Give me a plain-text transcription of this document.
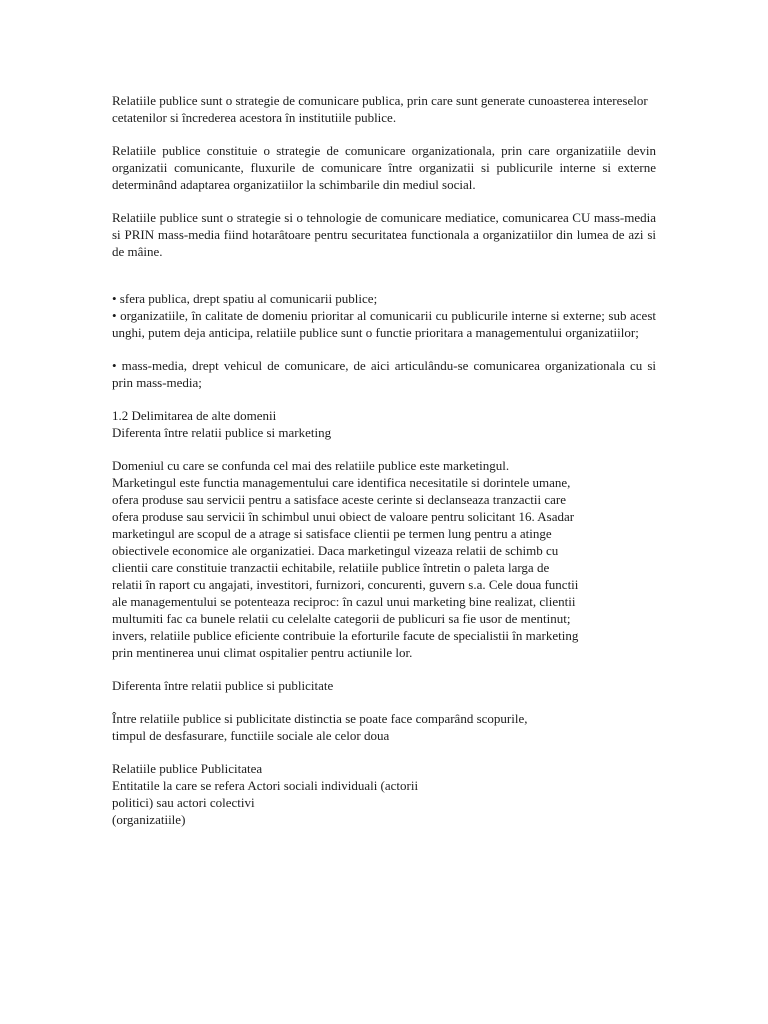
Relatiile publice sunt o strategie de comunicare publica, prin care sunt generate cunoasterea intereselor cetatenilor si încrederea acestora în institutiile publice.

Relatiile publice constituie o strategie de comunicare organizationala, prin care organizatiile devin organizatii comunicante, fluxurile de comunicare între organizatii si publicurile interne si externe determinând adaptarea organizatiilor la schimbarile din mediul social.

Relatiile publice sunt o strategie si o tehnologie de comunicare mediatice, comunicarea CU mass-media si PRIN mass-media fiind hotarâtoare pentru securitatea functionala a organizatiilor din lumea de azi si de mâine.

• sfera publica, drept spatiu al comunicarii publice;

• organizatiile, în calitate de domeniu prioritar al comunicarii cu publicurile interne si externe; sub acest unghi, putem deja anticipa, relatiile publice sunt o functie prioritara a managementului organizatiilor;

• mass-media, drept vehicul de comunicare, de aici articulându-se comunicarea organizationala cu si prin mass-media;

1.2 Delimitarea de alte domenii

Diferenta între relatii publice si marketing

Domeniul cu care se confunda cel mai des relatiile publice este marketingul.
Marketingul este functia managementului care identifica necesitatile si dorintele umane,
ofera produse sau servicii pentru a satisface aceste cerinte si declanseaza tranzactii care
ofera produse sau servicii în schimbul unui obiect de valoare pentru solicitant 16. Asadar
marketingul are scopul de a atrage si satisface clientii pe termen lung pentru a atinge
obiectivele economice ale organizatiei. Daca marketingul vizeaza relatii de schimb cu
clientii care constituie tranzactii echitabile, relatiile publice întretin o paleta larga de
relatii în raport cu angajati, investitori, furnizori, concurenti, guvern s.a. Cele doua functii
ale managementului se potenteaza reciproc: în cazul unui marketing bine realizat, clientii
multumiti fac ca bunele relatii cu celelalte categorii de publicuri sa fie usor de mentinut;
invers, relatiile publice eficiente contribuie la eforturile facute de specialistii în marketing
prin mentinerea unui climat ospitalier pentru actiunile lor.

Diferenta între relatii publice si publicitate

Între relatiile publice si publicitate distinctia se poate face comparând scopurile,
timpul de desfasurare, functiile sociale ale celor doua
Relatiile publice Publicitatea
Entitatile la care se refera Actori sociali individuali (actorii
politici) sau actori colectivi
(organizatiile)
